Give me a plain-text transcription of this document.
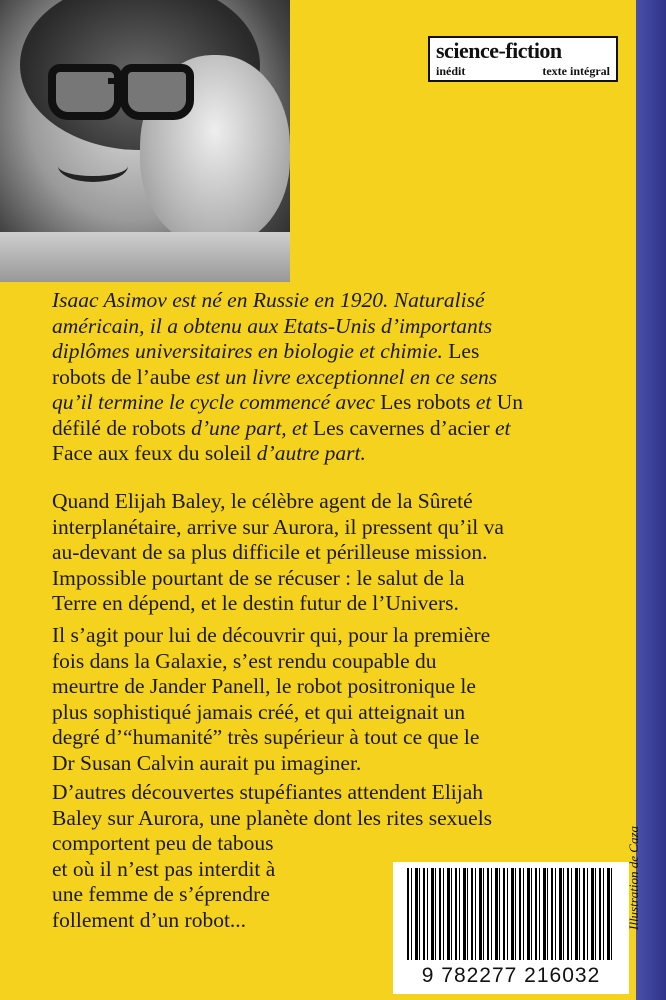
science-fiction
inédit	texte intégral
Isaac Asimov est né en Russie en 1920. Naturalisé
américain, il a obtenu aux Etats-Unis d’importants
diplômes universitaires en biologie et chimie. Les
robots de l’aube est un livre exceptionnel en ce sens
qu’il termine le cycle commencé avec Les robots et Un
défilé de robots d’une part, et Les cavernes d’acier et
Face aux feux du soleil d’autre part.
Quand Elijah Baley, le célèbre agent de la Sûreté
interplanétaire, arrive sur Aurora, il pressent qu’il va
au-devant de sa plus difficile et périlleuse mission.
Impossible pourtant de se récuser : le salut de la
Terre en dépend, et le destin futur de l’Univers.
Il s’agit pour lui de découvrir qui, pour la première
fois dans la Galaxie, s’est rendu coupable du
meurtre de Jander Panell, le robot positronique le
plus sophistiqué jamais créé, et qui atteignait un
degré d’“humanité” très supérieur à tout ce que le
Dr Susan Calvin aurait pu imaginer.
D’autres découvertes stupéfiantes attendent Elijah
Baley sur Aurora, une planète dont les rites sexuels
comportent peu de tabous
et où il n’est pas interdit à
une femme de s’éprendre
follement d’un robot...
9 782277 216032
Illustration de Caza
